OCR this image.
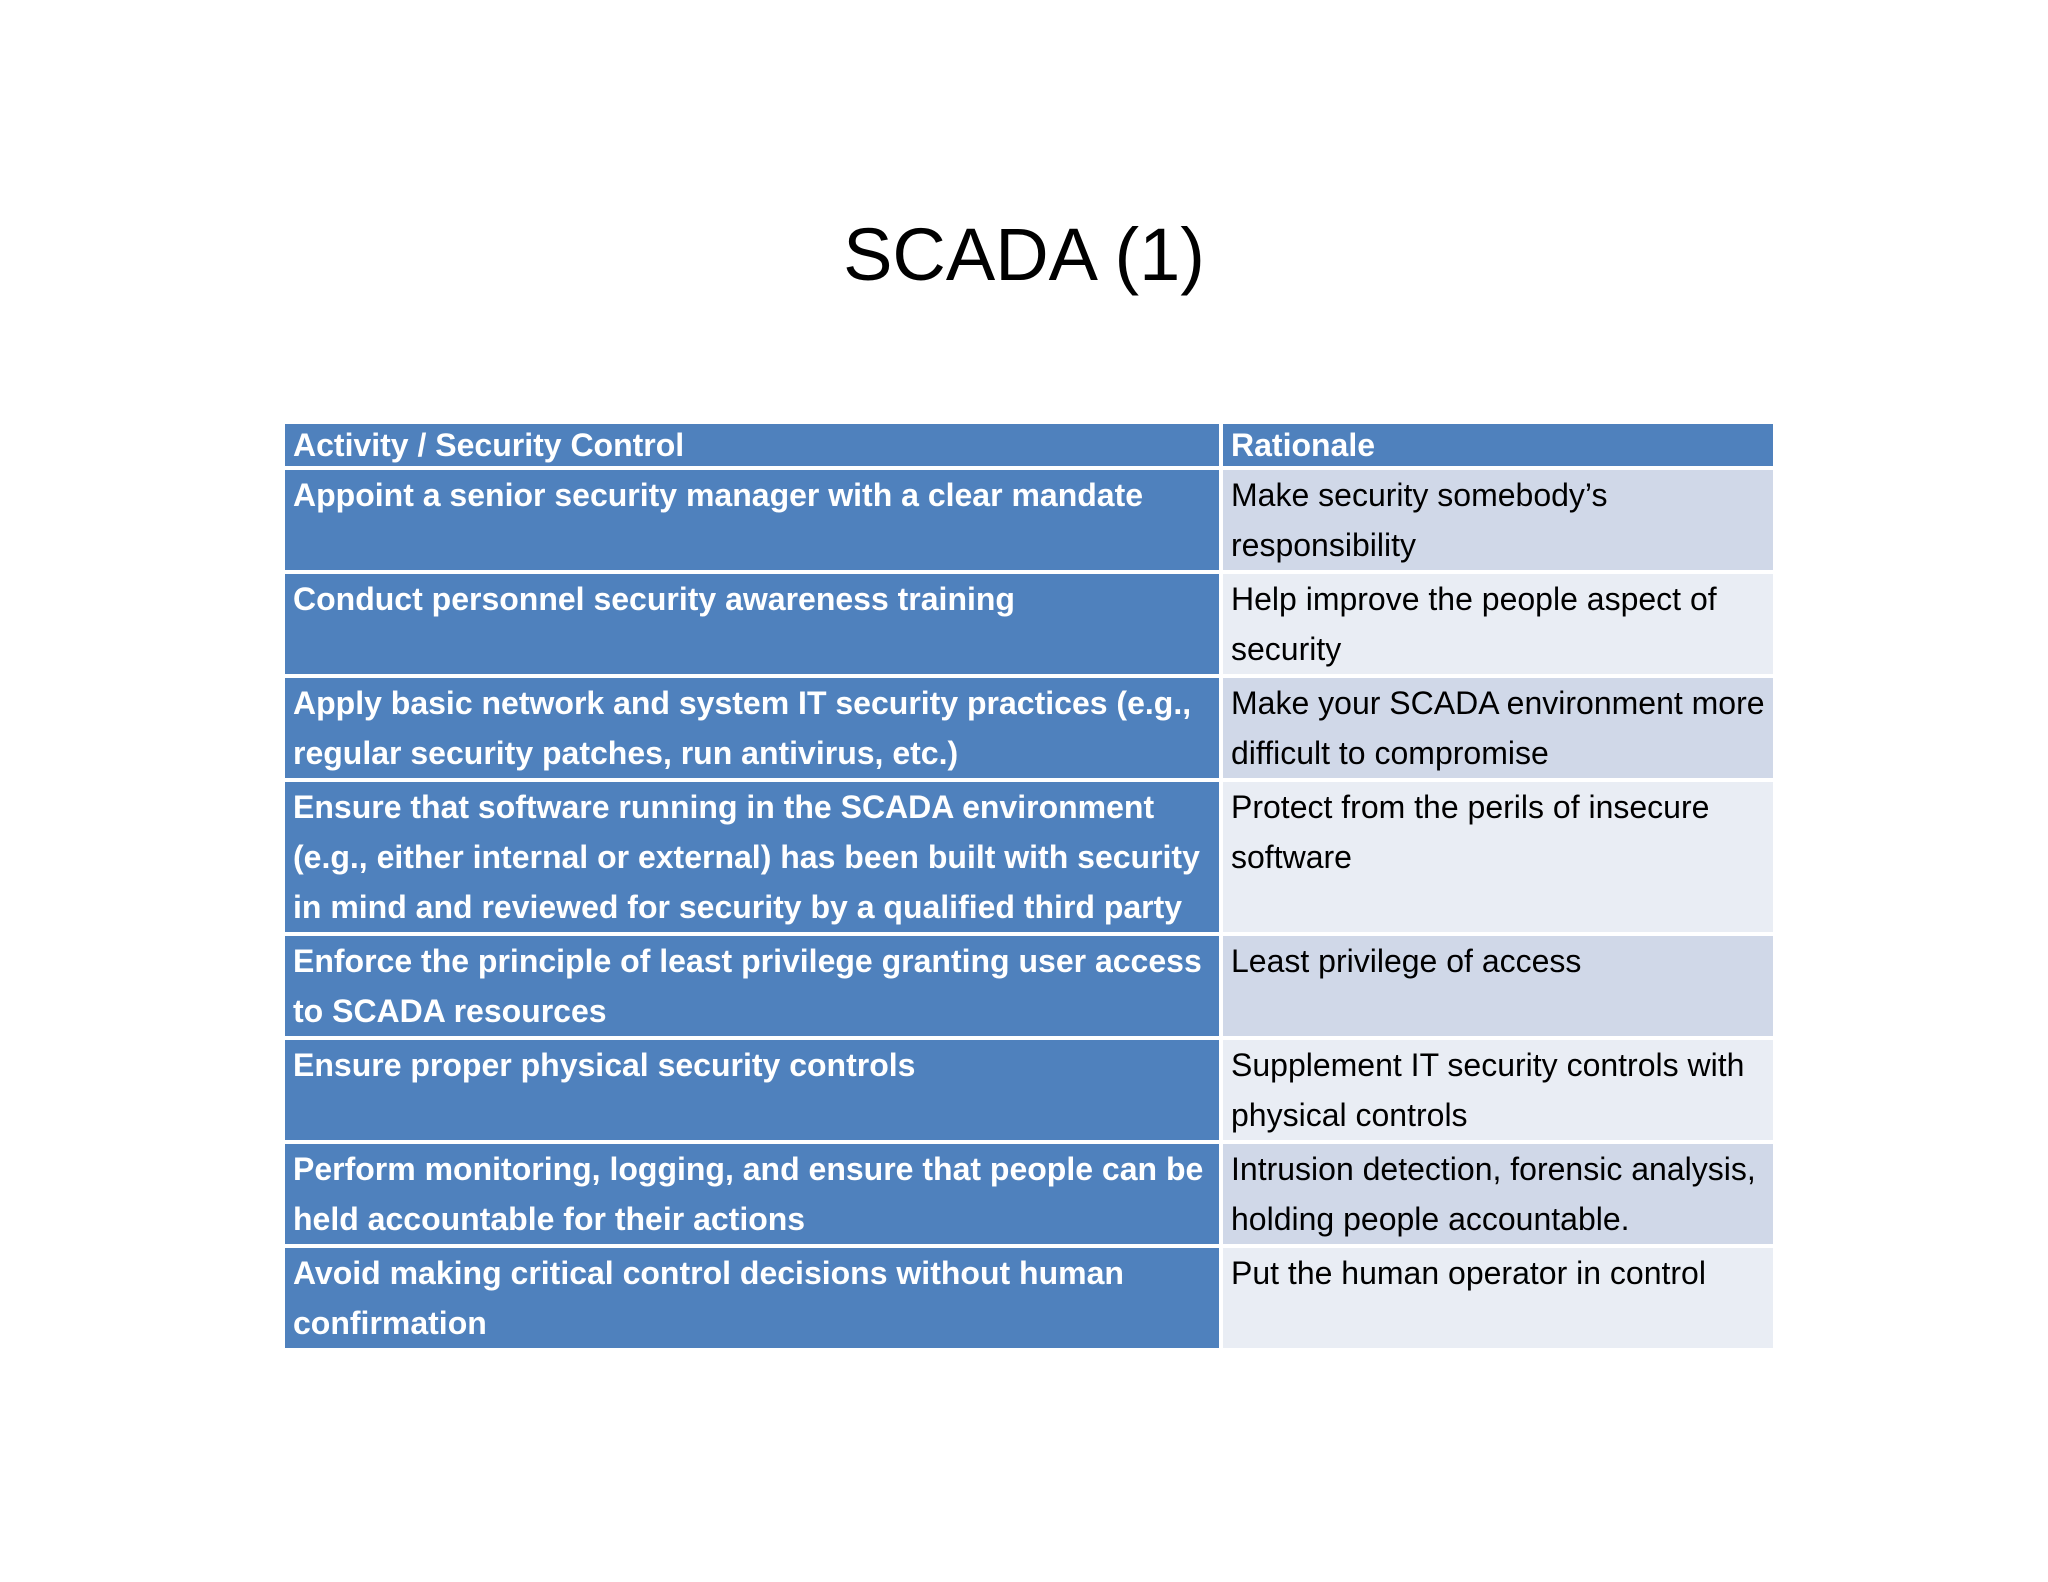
SCADA (1)
Activity / Security Control	Rationale
Appoint a senior security manager with a clear mandate	Make security somebody’s responsibility
Conduct personnel security awareness training	Help improve the people aspect of security
Apply basic network and system IT security practices (e.g., regular security patches, run antivirus, etc.)	Make your SCADA environment more difficult to compromise
Ensure that software running in the SCADA environment (e.g., either internal or external) has been built with security in mind and reviewed for security by a qualified third party	Protect from the perils of insecure software
Enforce the principle of least privilege granting user access to SCADA resources	Least privilege of access
Ensure proper physical security controls	Supplement IT security controls with physical controls
Perform monitoring, logging, and ensure that people can be held accountable for their actions	Intrusion detection, forensic analysis, holding people accountable.
Avoid making critical control decisions without human confirmation	Put the human operator in control
